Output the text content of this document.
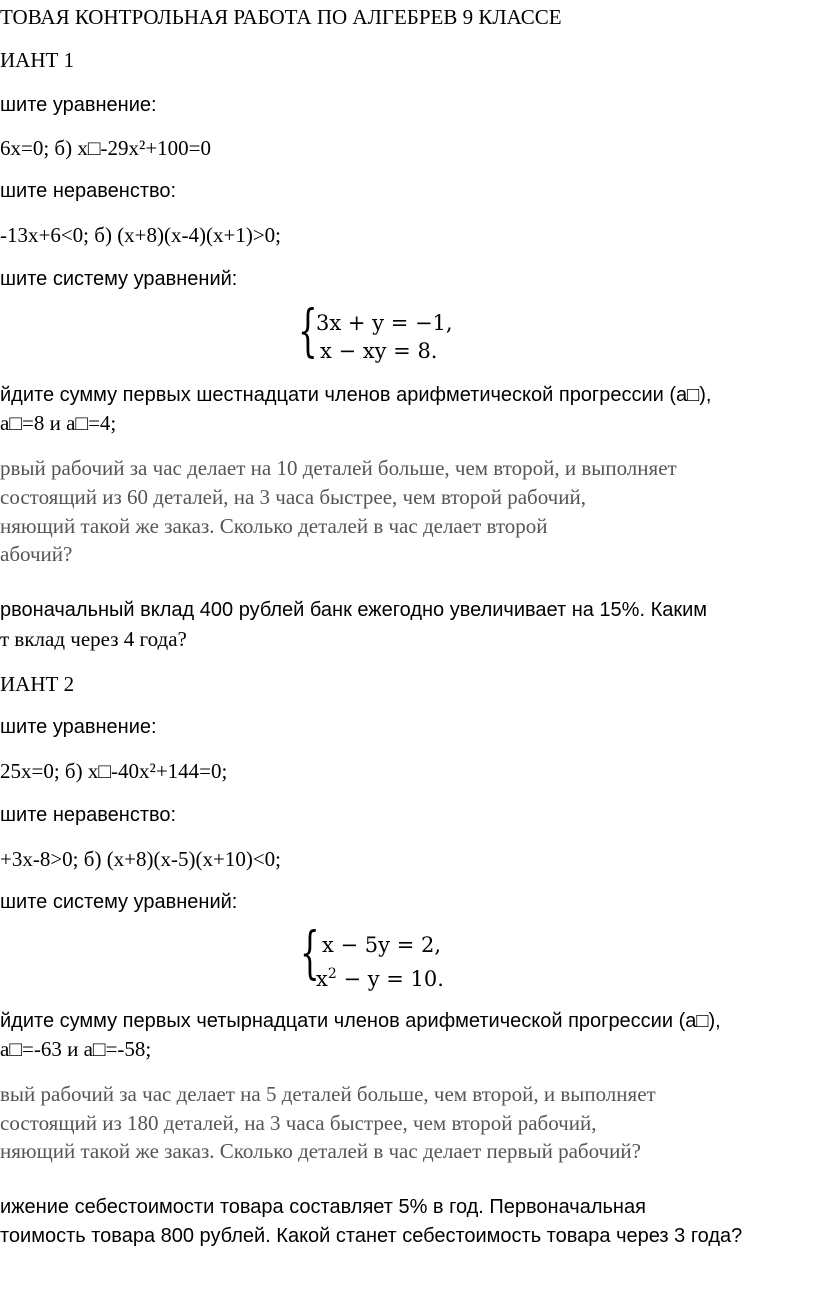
ТОВАЯ КОНТРОЛЬНАЯ РАБОТА ПО АЛГЕБРЕВ 9 КЛАССЕ

ИАНТ 1

шите уравнение:

6х=0; б) х□-29х²+100=0

шите неравенство:

-13х+6<0; б) (х+8)(х-4)(х+1)>0;

шите систему уравнений:

{

3x + y = −1,

x − xy = 8.

йдите сумму первых шестнадцати членов арифметической прогрессии (а□),

а□=8 и а□=4;

рвый рабочий за час делает на 10 деталей больше, чем второй, и выполняет

состоящий из 60 деталей, на 3 часа быстрее, чем второй рабочий,

няющий такой же заказ. Сколько деталей в час делает второй

абочий?

рвоначальный вклад 400 рублей банк ежегодно увеличивает на 15%. Каким

т вклад через 4 года?

ИАНТ 2

шите уравнение:

25х=0; б) х□-40х²+144=0;

шите неравенство:

+3х-8>0; б) (х+8)(х-5)(х+10)<0;

шите систему уравнений:

{ x − 5y = 2,

$x^2 - y = 10$.

йдите сумму первых четырнадцати членов арифметической прогрессии (а□),

а□=-63 и а□=-58;

вый рабочий за час делает на 5 деталей больше, чем второй, и выполняет

состоящий из 180 деталей, на 3 часа быстрее, чем второй рабочий,

няющий такой же заказ. Сколько деталей в час делает первый рабочий?

ижение себестоимости товара составляет 5% в год. Первоначальная

тоимость товара 800 рублей. Какой станет себестоимость товара через 3 года?
